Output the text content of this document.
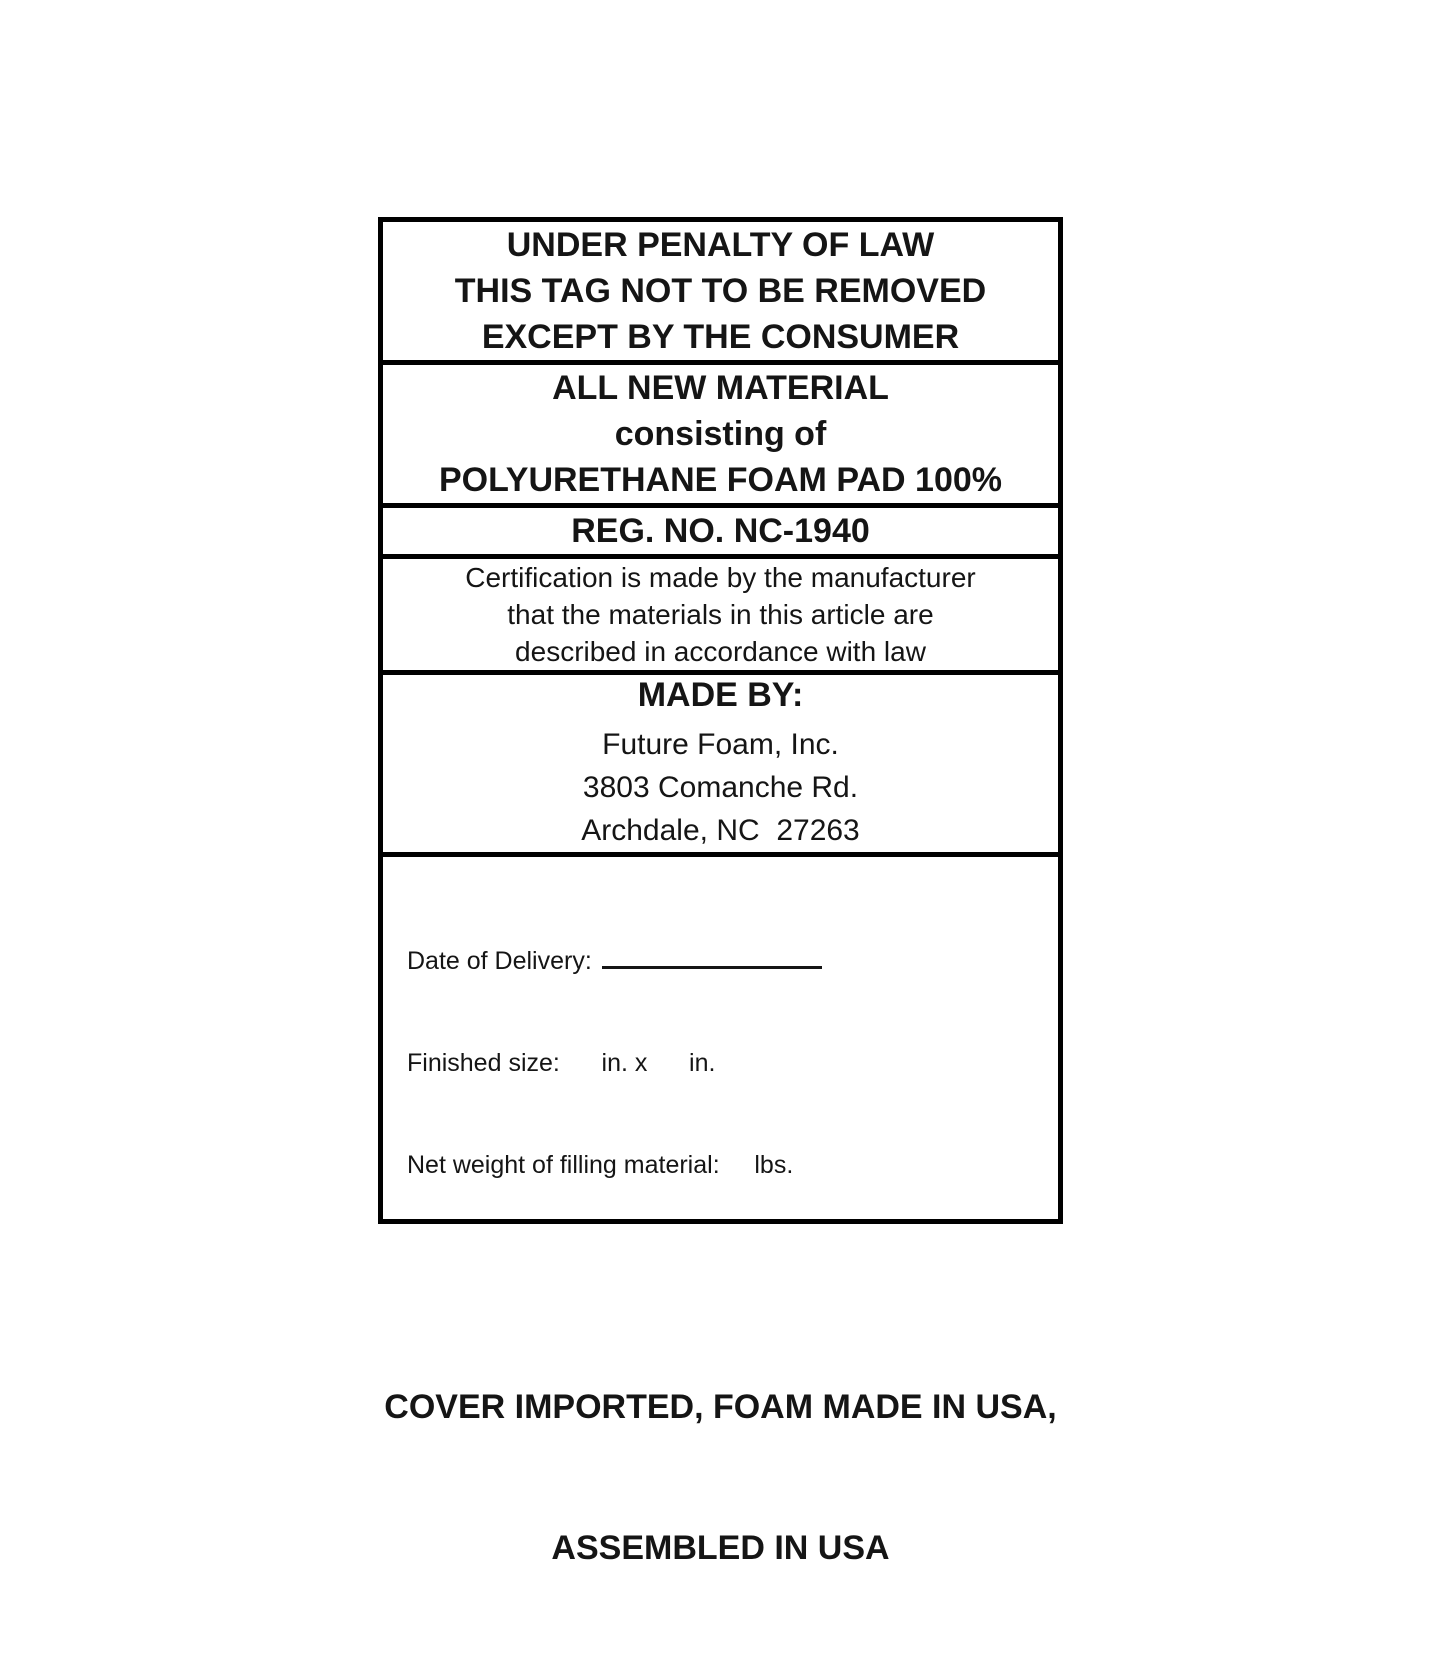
UNDER PENALTY OF LAW
THIS TAG NOT TO BE REMOVED
EXCEPT BY THE CONSUMER
ALL NEW MATERIAL
consisting of
POLYURETHANE FOAM PAD 100%
REG. NO. NC-1940
Certification is made by the manufacturer
that the materials in this article are
described in accordance with law
MADE BY:
Future Foam, Inc.
3803 Comanche Rd.
Archdale, NC  27263

Date of Delivery:

Finished size:      in. x      in.

Net weight of filling material:     lbs.

COVER IMPORTED, FOAM MADE IN USA,

ASSEMBLED IN USA
